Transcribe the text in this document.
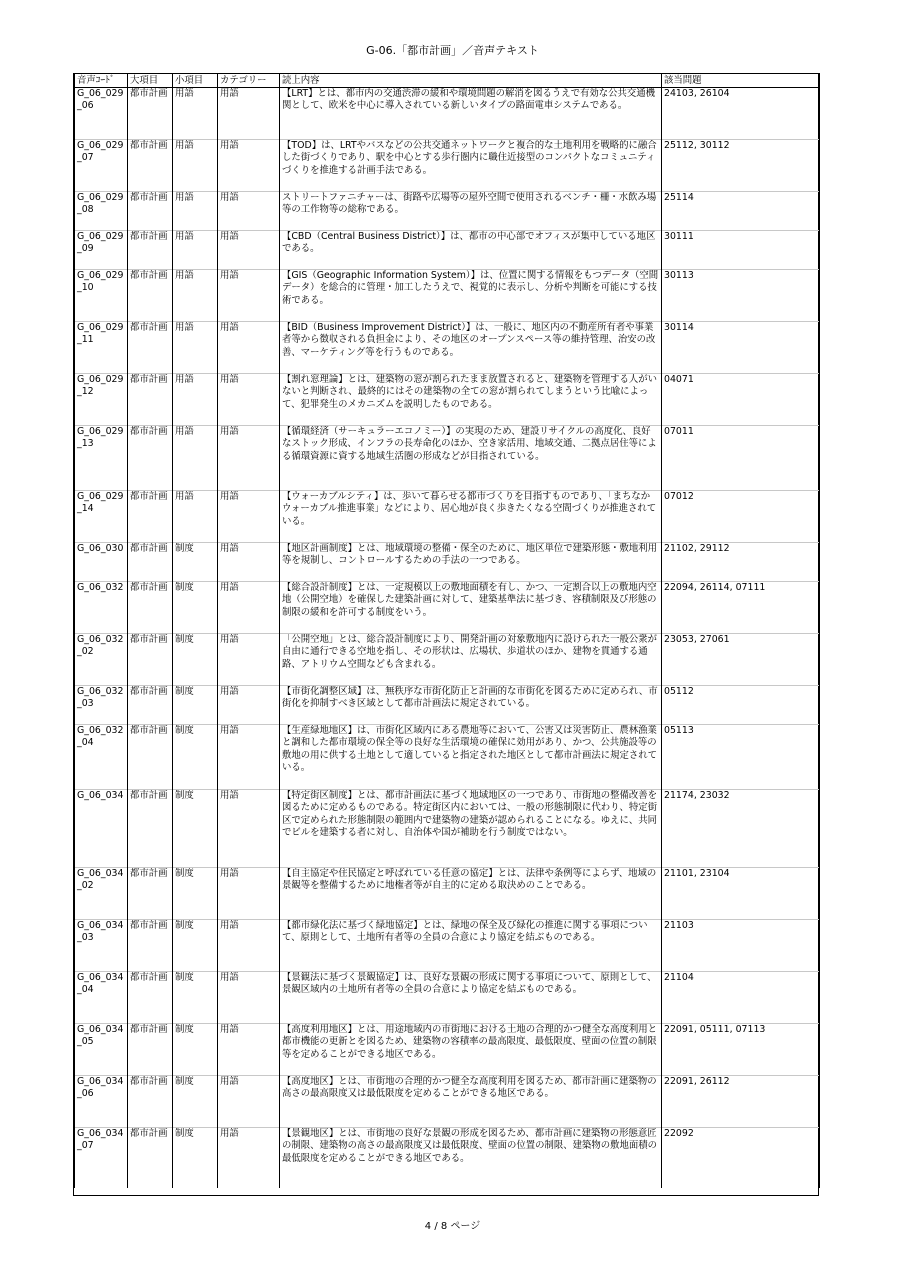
G-06.「都市計画」／音声テキスト
音声ｺｰﾄﾞ	大項目	小項目	カテゴリー	読上内容	該当問題
G_06_029_06	都市計画	用語	用語	【LRT】とは、都市内の交通渋滞の緩和や環境問題の解消を図るうえで有効な公共交通機関として、欧米を中心に導入されている新しいタイプの路面電車システムである。	24103, 26104
G_06_029_07	都市計画	用語	用語	【TOD】は、LRTやバスなどの公共交通ネットワークと複合的な土地利用を戦略的に融合した街づくりであり、駅を中心とする歩行圏内に職住近接型のコンパクトなコミュニティづくりを推進する計画手法である。	25112, 30112
G_06_029_08	都市計画	用語	用語	ストリートファニチャーは、街路や広場等の屋外空間で使用されるベンチ・柵・水飲み場等の工作物等の総称である。	25114
G_06_029_09	都市計画	用語	用語	【CBD（Central Business District）】は、都市の中心部でオフィスが集中している地区である。	30111
G_06_029_10	都市計画	用語	用語	【GIS（Geographic Information System）】は、位置に関する情報をもつデータ（空間データ）を総合的に管理・加工したうえで、視覚的に表示し、分析や判断を可能にする技術である。	30113
G_06_029_11	都市計画	用語	用語	【BID（Business Improvement District）】は、一般に、地区内の不動産所有者や事業者等から徴収される負担金により、その地区のオープンスペース等の維持管理、治安の改善、マーケティング等を行うものである。	30114
G_06_029_12	都市計画	用語	用語	【割れ窓理論】とは、建築物の窓が割られたまま放置されると、建築物を管理する人がいないと判断され、最終的にはその建築物の全ての窓が割られてしまうという比喩によって、犯罪発生のメカニズムを説明したものである。	04071
G_06_029_13	都市計画	用語	用語	【循環経済（サーキュラーエコノミー）】の実現のため、建設リサイクルの高度化、良好なストック形成、インフラの長寿命化のほか、空き家活用、地域交通、二拠点居住等による循環資源に資する地域生活圏の形成などが目指されている。	07011
G_06_029_14	都市計画	用語	用語	【ウォーカブルシティ】は、歩いて暮らせる都市づくりを目指すものであり、「まちなかウォーカブル推進事業」などにより、居心地が良く歩きたくなる空間づくりが推進されている。	07012
G_06_030	都市計画	制度	用語	【地区計画制度】とは、地域環境の整備・保全のために、地区単位で建築形態・敷地利用等を規制し、コントロールするための手法の一つである。	21102, 29112
G_06_032	都市計画	制度	用語	【総合設計制度】とは、一定規模以上の敷地面積を有し、かつ、一定割合以上の敷地内空地（公開空地）を確保した建築計画に対して、建築基準法に基づき、容積制限及び形態の制限の緩和を許可する制度をいう。	22094, 26114, 07111
G_06_032_02	都市計画	制度	用語	「公開空地」とは、総合設計制度により、開発計画の対象敷地内に設けられた一般公衆が自由に通行できる空地を指し、その形状は、広場状、歩道状のほか、建物を貫通する通路、アトリウム空間なども含まれる。	23053, 27061
G_06_032_03	都市計画	制度	用語	【市街化調整区域】は、無秩序な市街化防止と計画的な市街化を図るために定められ、市街化を抑制すべき区域として都市計画法に規定されている。	05112
G_06_032_04	都市計画	制度	用語	【生産緑地地区】は、市街化区域内にある農地等において、公害又は災害防止、農林漁業と調和した都市環境の保全等の良好な生活環境の確保に効用があり、かつ、公共施設等の敷地の用に供する土地として適していると指定された地区として都市計画法に規定されている。	05113
G_06_034	都市計画	制度	用語	【特定街区制度】とは、都市計画法に基づく地域地区の一つであり、市街地の整備改善を図るために定めるものである。特定街区内においては、一般の形態制限に代わり、特定街区で定められた形態制限の範囲内で建築物の建築が認められることになる。ゆえに、共同でビルを建築する者に対し、自治体や国が補助を行う制度ではない。	21174, 23032
G_06_034_02	都市計画	制度	用語	【自主協定や住民協定と呼ばれている任意の協定】とは、法律や条例等によらず、地域の景観等を整備するために地権者等が自主的に定める取決めのことである。	21101, 23104
G_06_034_03	都市計画	制度	用語	【都市緑化法に基づく緑地協定】とは、緑地の保全及び緑化の推進に関する事項について、原則として、土地所有者等の全員の合意により協定を結ぶものである。	21103
G_06_034_04	都市計画	制度	用語	【景観法に基づく景観協定】は、良好な景観の形成に関する事項について、原則として、景観区域内の土地所有者等の全員の合意により協定を結ぶものである。	21104
G_06_034_05	都市計画	制度	用語	【高度利用地区】とは、用途地域内の市街地における土地の合理的かつ健全な高度利用と都市機能の更新とを図るため、建築物の容積率の最高限度、最低限度、壁面の位置の制限等を定めることができる地区である。	22091, 05111, 07113
G_06_034_06	都市計画	制度	用語	【高度地区】とは、市街地の合理的かつ健全な高度利用を図るため、都市計画に建築物の高さの最高限度又は最低限度を定めることができる地区である。	22091, 26112
G_06_034_07	都市計画	制度	用語	【景観地区】とは、市街地の良好な景観の形成を図るため、都市計画に建築物の形態意匠の制限、建築物の高さの最高限度又は最低限度、壁面の位置の制限、建築物の敷地面積の最低限度を定めることができる地区である。	22092
4 / 8 ページ
